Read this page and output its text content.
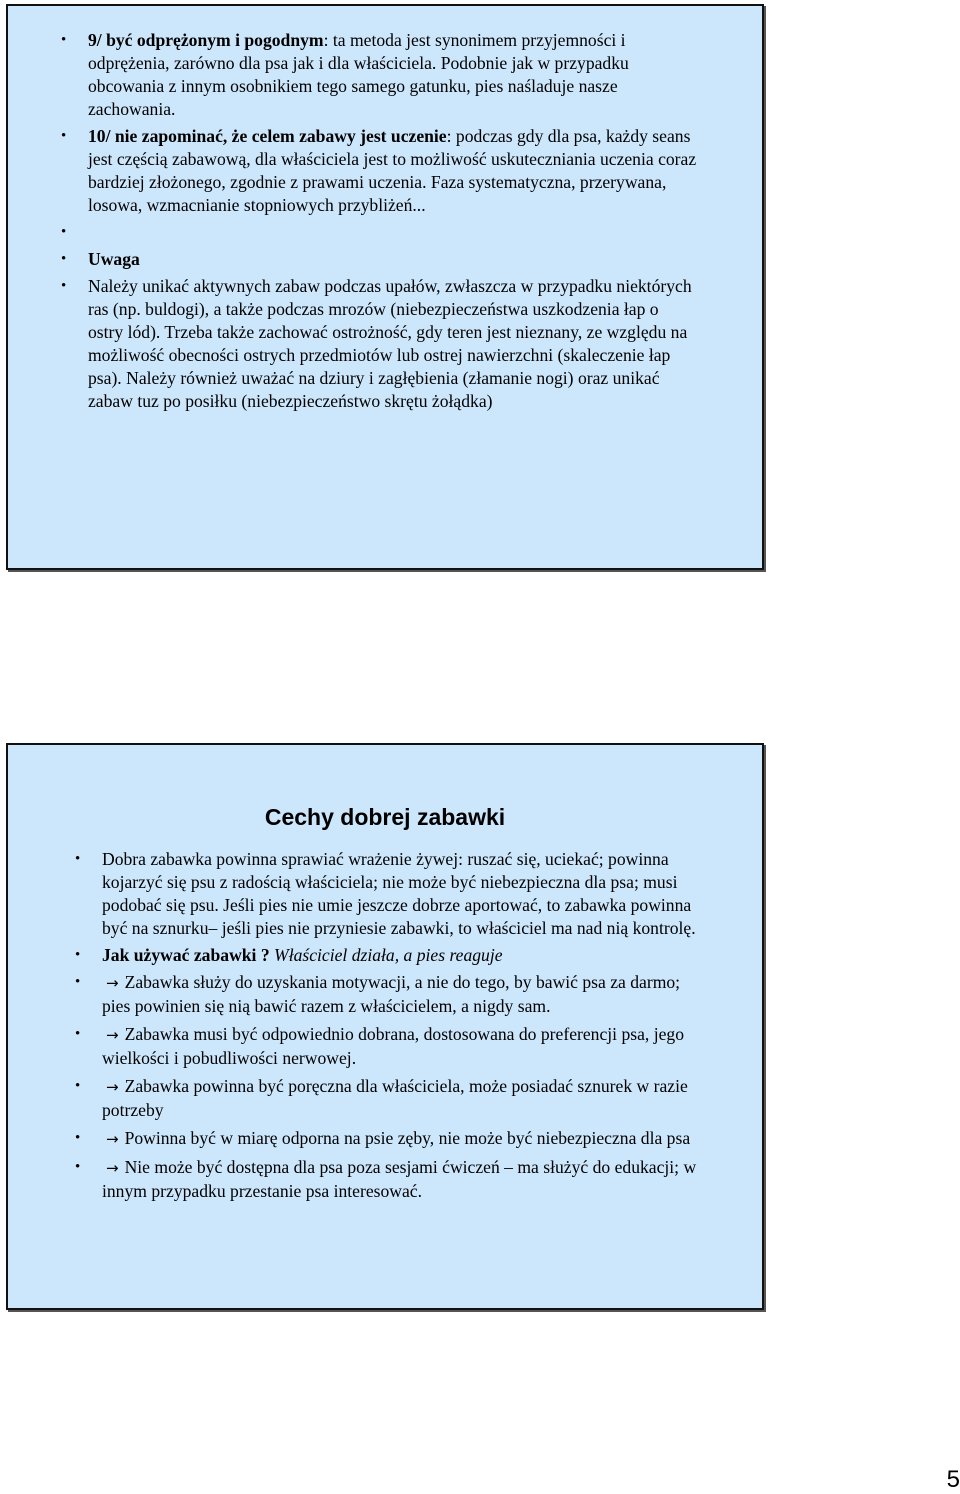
• 9/ być odprężonym i pogodnym: ta metoda jest synonimem przyjemności i odprężenia, zarówno dla psa jak i dla właściciela. Podobnie jak w przypadku obcowania z innym osobnikiem tego samego gatunku, pies naśladuje nasze zachowania.
• 10/ nie zapominać, że celem zabawy jest uczenie: podczas gdy dla psa, każdy seans jest częścią zabawową, dla właściciela jest to możliwość uskuteczniania uczenia coraz bardziej złożonego, zgodnie z prawami uczenia. Faza systematyczna, przerywana, losowa, wzmacnianie stopniowych przybliżeń...
•
• Uwaga
• Należy unikać aktywnych zabaw podczas upałów, zwłaszcza w przypadku niektórych ras (np. buldogi), a także podczas mrozów (niebezpieczeństwa uszkodzenia łap o ostry lód). Trzeba także zachować ostrożność, gdy teren jest nieznany, ze względu na możliwość obecności ostrych przedmiotów lub ostrej nawierzchni (skaleczenie łap psa). Należy również uważać na dziury i zagłębienia (złamanie nogi) oraz unikać zabaw tuz po posiłku (niebezpieczeństwo skrętu żołądka)
Cechy dobrej zabawki
• Dobra zabawka powinna sprawiać wrażenie żywej: ruszać się, uciekać; powinna kojarzyć się psu z radością właściciela; nie może być niebezpieczna dla psa; musi podobać się psu. Jeśli pies nie umie jeszcze dobrze aportować, to zabawka powinna być na sznurku– jeśli pies nie przyniesie zabawki, to właściciel ma nad nią kontrolę.
• Jak używać zabawki ? Właściciel działa, a pies reaguje
• → Zabawka służy do uzyskania motywacji, a nie do tego, by bawić psa za darmo; pies powinien się nią bawić razem z właścicielem, a nigdy sam.
• → Zabawka musi być odpowiednio dobrana, dostosowana do preferencji psa, jego wielkości i pobudliwości nerwowej.
• → Zabawka powinna być poręczna dla właściciela, może posiadać sznurek w razie potrzeby
• → Powinna być w miarę odporna na psie zęby, nie może być niebezpieczna dla psa
• → Nie może być dostępna dla psa poza sesjami ćwiczeń – ma służyć do edukacji; w innym przypadku przestanie psa interesować.
5
